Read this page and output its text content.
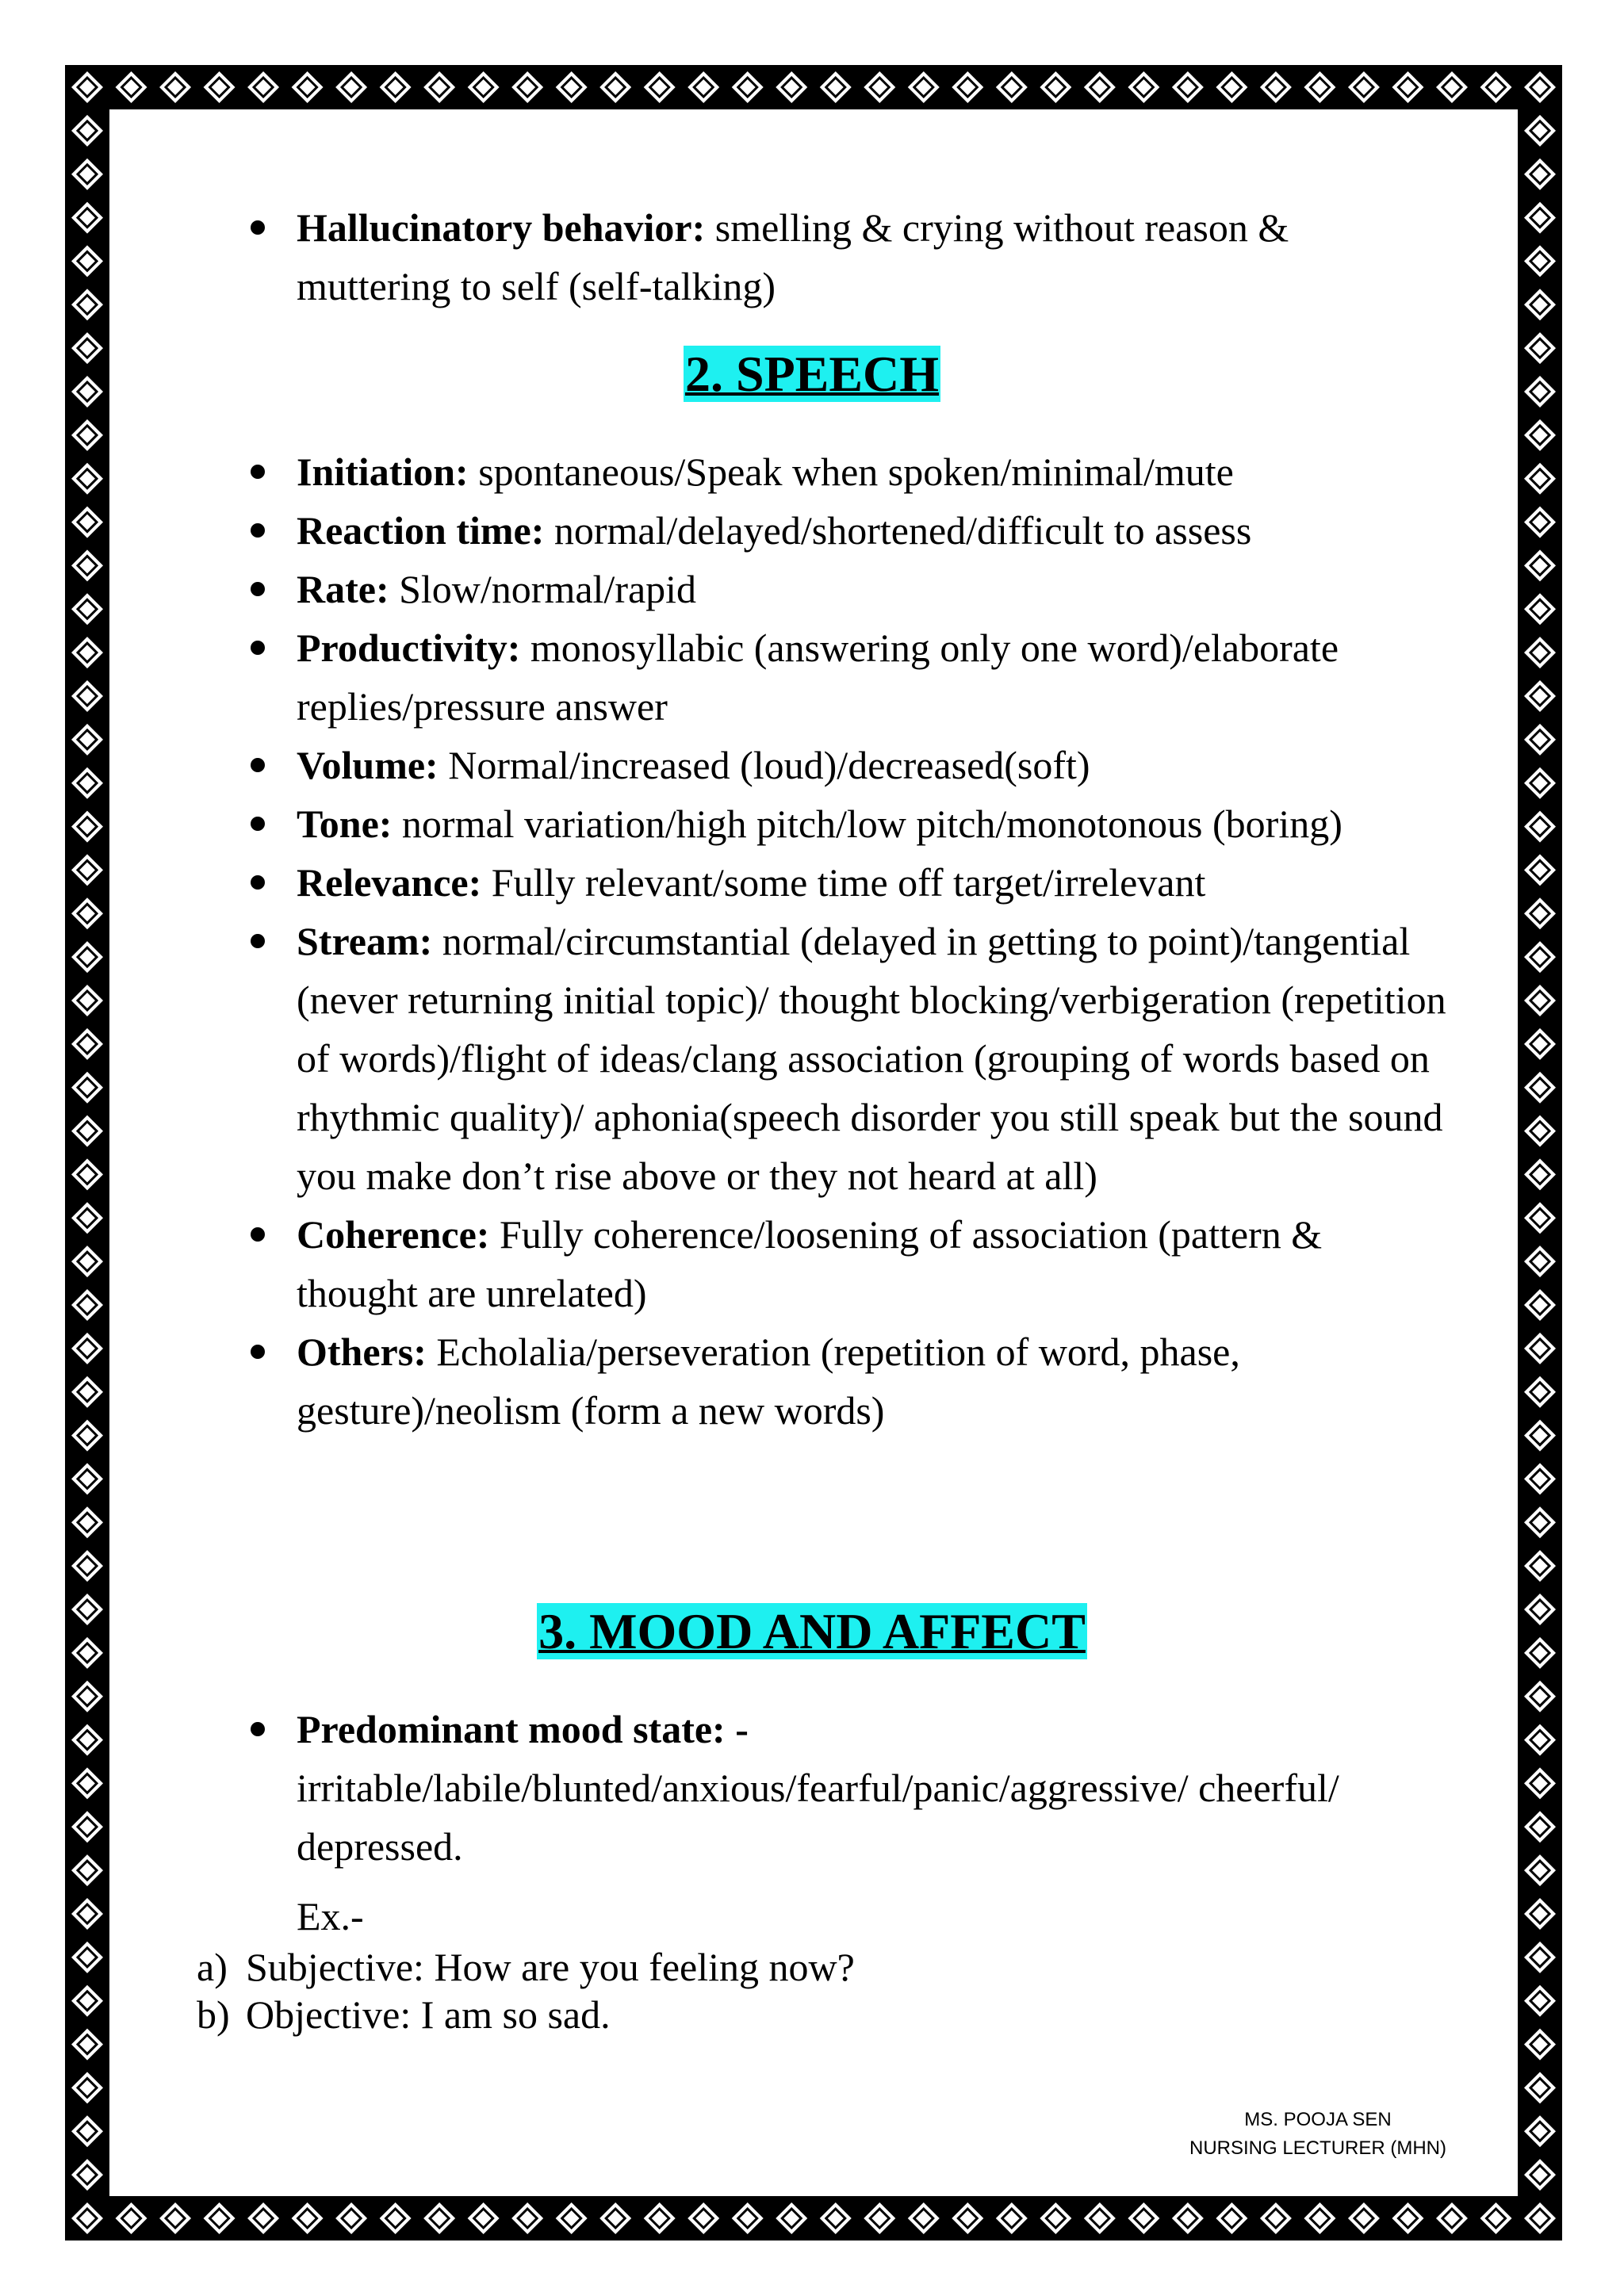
Hallucinatory behavior: smelling & crying without reason & muttering to self (self-talking)
2. SPEECH
Initiation: spontaneous/Speak when spoken/minimal/mute
Reaction time: normal/delayed/shortened/difficult to assess
Rate: Slow/normal/rapid
Productivity: monosyllabic (answering only one word)/elaborate replies/pressure answer
Volume: Normal/increased (loud)/decreased(soft)
Tone: normal variation/high pitch/low pitch/monotonous (boring)
Relevance: Fully relevant/some time off target/irrelevant
Stream: normal/circumstantial (delayed in getting to point)/tangential (never returning initial topic)/ thought blocking/verbigeration (repetition of words)/flight of ideas/clang association (grouping of words based on rhythmic quality)/ aphonia(speech disorder you still speak but the sound you make don’t rise above or they not heard at all)
Coherence: Fully coherence/loosening of association (pattern & thought are unrelated)
Others: Echolalia/perseveration (repetition of word, phase, gesture)/neolism (form a new words)
3. MOOD AND AFFECT
Predominant mood state: - irritable/labile/blunted/anxious/fearful/panic/aggressive/ cheerful/ depressed.
Ex.-
a) Subjective: How are you feeling now?
b) Objective: I am so sad.
MS. POOJA SEN
NURSING LECTURER (MHN)
